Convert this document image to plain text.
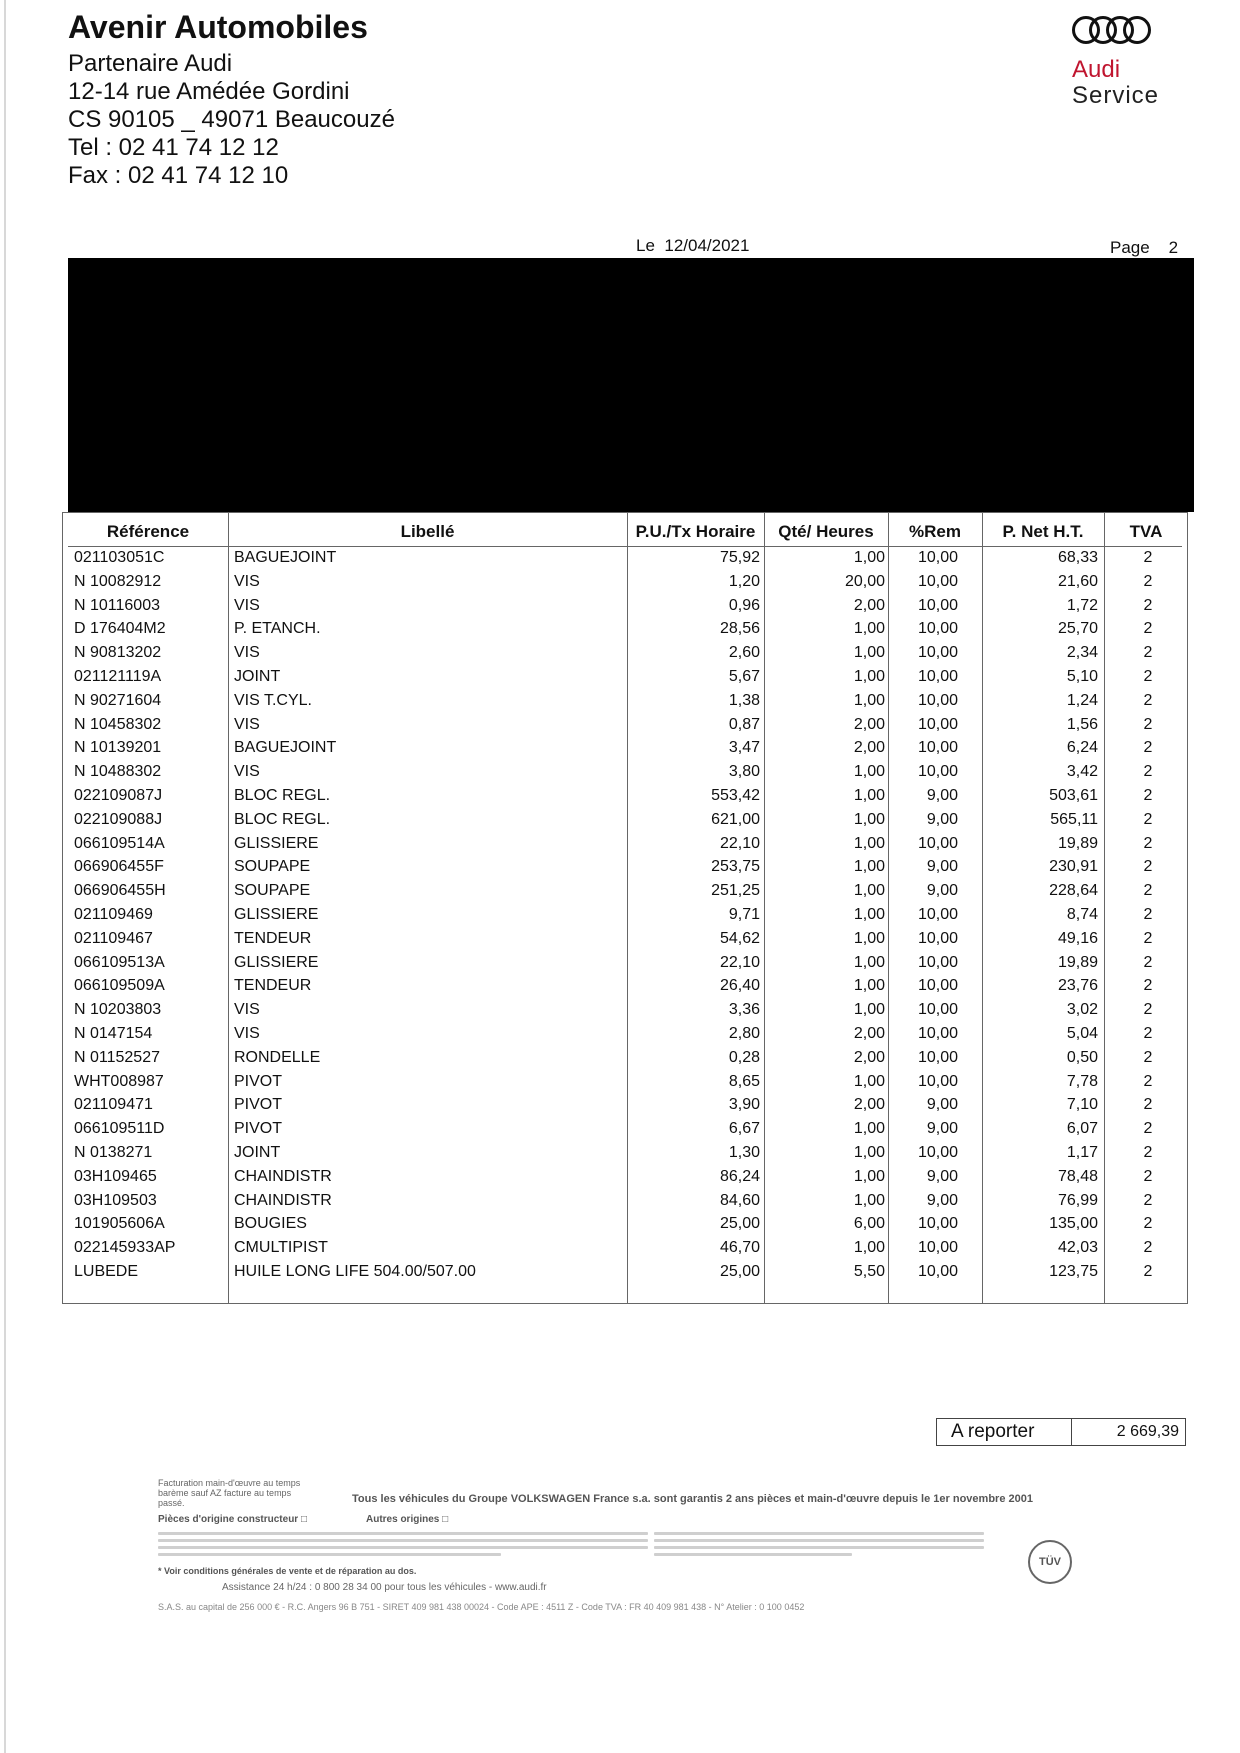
Avenir Automobiles
Partenaire Audi
12-14 rue Amédée Gordini
CS 90105 _ 49071 Beaucouzé
Tel : 02 41 74 12 12
Fax : 02 41 74 12 10
Audi
Service
Le 12/04/2021	Page 2
Référence	Libellé	P.U./Tx Horaire	Qté/ Heures	%Rem	P. Net H.T.	TVA
021103051C	BAGUEJOINT	75,92	1,00	10,00	68,33	2
N 10082912	VIS	1,20	20,00	10,00	21,60	2
N 10116003	VIS	0,96	2,00	10,00	1,72	2
D 176404M2	P. ETANCH.	28,56	1,00	10,00	25,70	2
N 90813202	VIS	2,60	1,00	10,00	2,34	2
021121119A	JOINT	5,67	1,00	10,00	5,10	2
N 90271604	VIS T.CYL.	1,38	1,00	10,00	1,24	2
N 10458302	VIS	0,87	2,00	10,00	1,56	2
N 10139201	BAGUEJOINT	3,47	2,00	10,00	6,24	2
N 10488302	VIS	3,80	1,00	10,00	3,42	2
022109087J	BLOC REGL.	553,42	1,00	9,00	503,61	2
022109088J	BLOC REGL.	621,00	1,00	9,00	565,11	2
066109514A	GLISSIERE	22,10	1,00	10,00	19,89	2
066906455F	SOUPAPE	253,75	1,00	9,00	230,91	2
066906455H	SOUPAPE	251,25	1,00	9,00	228,64	2
021109469	GLISSIERE	9,71	1,00	10,00	8,74	2
021109467	TENDEUR	54,62	1,00	10,00	49,16	2
066109513A	GLISSIERE	22,10	1,00	10,00	19,89	2
066109509A	TENDEUR	26,40	1,00	10,00	23,76	2
N 10203803	VIS	3,36	1,00	10,00	3,02	2
N 0147154	VIS	2,80	2,00	10,00	5,04	2
N 01152527	RONDELLE	0,28	2,00	10,00	0,50	2
WHT008987	PIVOT	8,65	1,00	10,00	7,78	2
021109471	PIVOT	3,90	2,00	9,00	7,10	2
066109511D	PIVOT	6,67	1,00	9,00	6,07	2
N 0138271	JOINT	1,30	1,00	10,00	1,17	2
03H109465	CHAINDISTR	86,24	1,00	9,00	78,48	2
03H109503	CHAINDISTR	84,60	1,00	9,00	76,99	2
101905606A	BOUGIES	25,00	6,00	10,00	135,00	2
022145933AP	CMULTIPIST	46,70	1,00	10,00	42,03	2
LUBEDE	HUILE LONG LIFE 504.00/507.00	25,00	5,50	10,00	123,75	2
A reporter	2 669,39
Facturation main-d'œuvre au temps barème sauf AZ facture au temps passé.	Tous les véhicules du Groupe VOLKSWAGEN France s.a. sont garantis 2 ans pièces et main-d'œuvre depuis le 1er novembre 2001
Pièces d'origine constructeur □	Autres origines □
TÜV
* Voir conditions générales de vente et de réparation au dos.
Assistance 24 h/24 : 0 800 28 34 00 pour tous les véhicules - www.audi.fr
S.A.S. au capital de 256 000 € - R.C. Angers 96 B 751 - SIRET 409 981 438 00024 - Code APE : 4511 Z - Code TVA : FR 40 409 981 438 - N° Atelier : 0 100 0452
